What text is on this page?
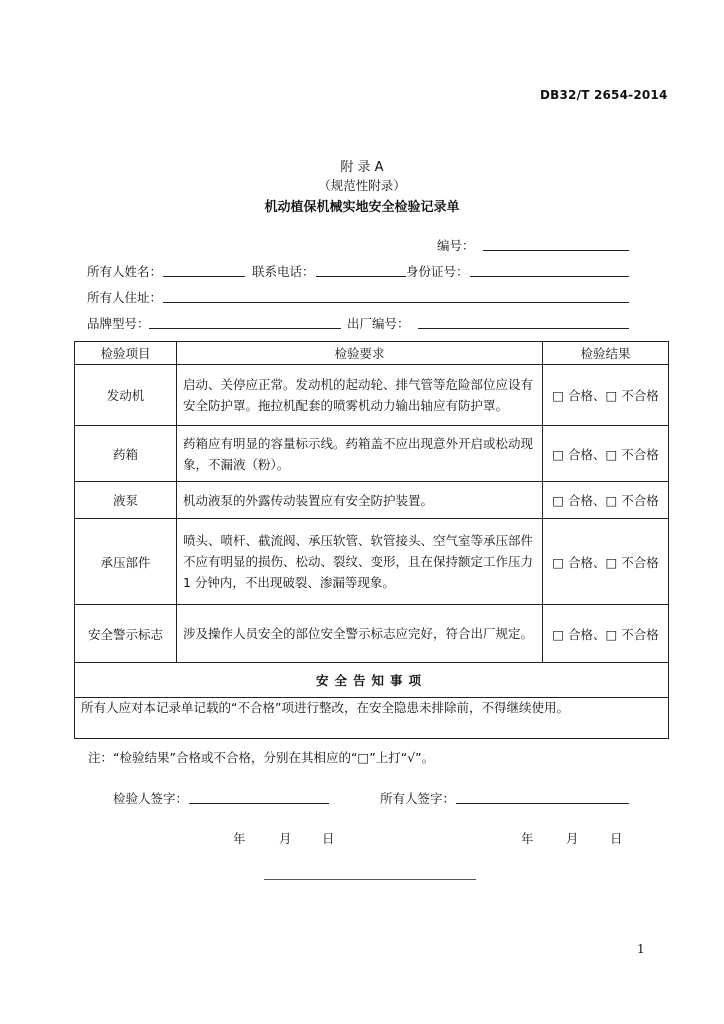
DB32/T 2654-2014
附 录 A
（规范性附录）
机动植保机械实地安全检验记录单
编号：
所有人姓名：	联系电话：	身份证号：
所有人住址：
品牌型号：	出厂编号：
检验项目	检验要求	检验结果
发动机	启动、关停应正常。发动机的起动轮、排气管等危险部位应设有安全防护罩。拖拉机配套的喷雾机动力输出轴应有防护罩。	□ 合格、□ 不合格
药箱	药箱应有明显的容量标示线。药箱盖不应出现意外开启或松动现象，不漏液（粉）。	□ 合格、□ 不合格
液泵	机动液泵的外露传动装置应有安全防护装置。	□ 合格、□ 不合格
承压部件	喷头、喷杆、截流阀、承压软管、软管接头、空气室等承压部件不应有明显的损伤、松动、裂纹、变形，且在保持额定工作压力 1 分钟内，不出现破裂、渗漏等现象。	□ 合格、□ 不合格
安全警示标志	涉及操作人员安全的部位安全警示标志应完好，符合出厂规定。	□ 合格、□ 不合格
安全告知事项		
所有人应对本记录单记载的“不合格”项进行整改，在安全隐患未排除前，不得继续使用。		
注：“检验结果”合格或不合格，分别在其相应的“□”上打“√”。
检验人签字：	所有人签字：
年	月 日	年	月	日
1
